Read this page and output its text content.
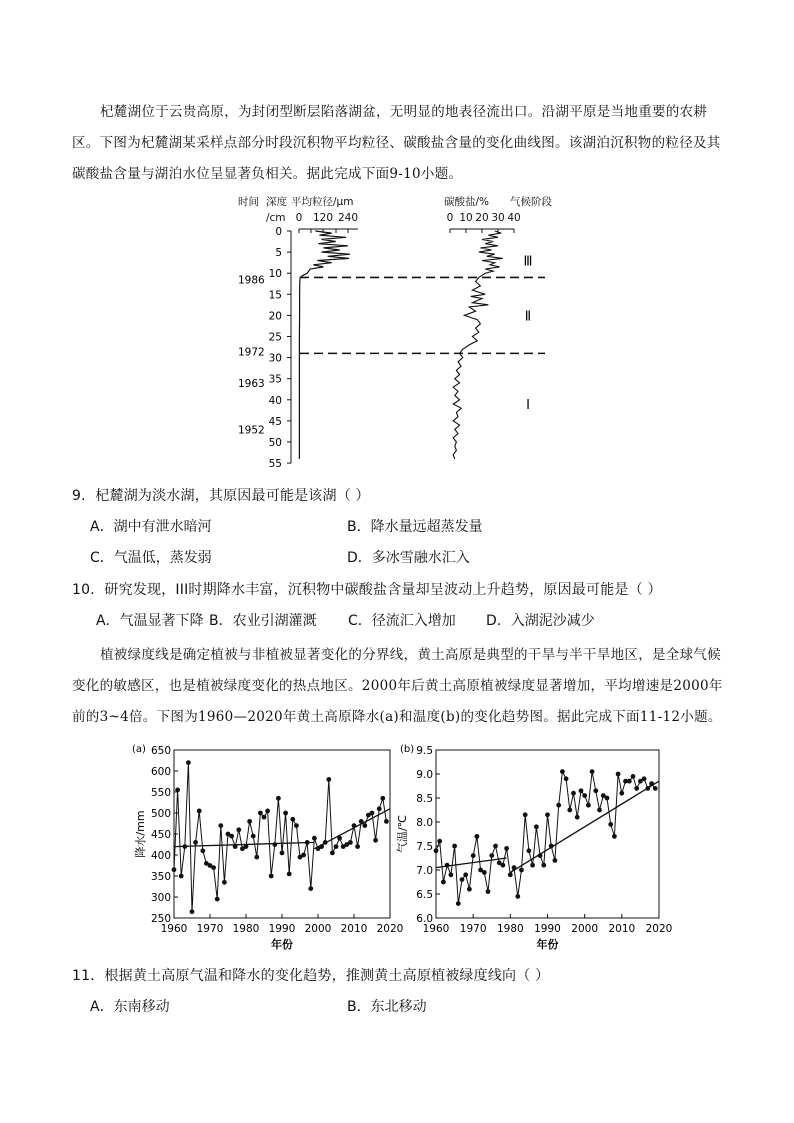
杞麓湖位于云贵高原，为封闭型断层陷落湖盆，无明显的地表径流出口。沿湖平原是当地重要的农耕区。下图为杞麓湖某采样点部分时段沉积物平均粒径、碳酸盐含量的变化曲线图。该湖泊沉积物的粒径及其碳酸盐含量与湖泊水位呈显著负相关。据此完成下面9-10小题。
时间 深度
/cm
平均粒径/μm
0 120 240
碳酸盐/% 气候阶段
0 10 20 30 40
0
5
10
15
20
25
30
35
40
45
50
55
1986
1972
1963
1952
Ⅲ
Ⅱ
Ⅰ
9．杞麓湖为淡水湖，其原因最可能是该湖（ ）
A．湖中有泄水暗河	B．降水量远超蒸发量
C．气温低，蒸发弱	D．多冰雪融水汇入
10．研究发现，III时期降水丰富，沉积物中碳酸盐含量却呈波动上升趋势，原因最可能是（ ）
A．气温显著下降 B．农业引湖灌溉 C．径流汇入增加 D．入湖泥沙减少
植被绿度线是确定植被与非植被显著变化的分界线，黄土高原是典型的干旱与半干旱地区，是全球气候变化的敏感区，也是植被绿度变化的热点地区。2000年后黄土高原植被绿度显著增加，平均增速是2000年前的3~4倍。下图为1960—2020年黄土高原降水(a)和温度(b)的变化趋势图。据此完成下面11-12小题。
(a)
250
300
350
400
450
500
550
600
650
1960 1970 1980 1990 2000 2010 2020
年份
降水/mm
(b)
6.0
6.5
7.0
7.5
8.0
8.5
9.0
9.5
1960 1970 1980 1990 2000 2010 2020
年份
气温/℃
11．根据黄土高原气温和降水的变化趋势，推测黄土高原植被绿度线向（ ）
A．东南移动	B．东北移动
